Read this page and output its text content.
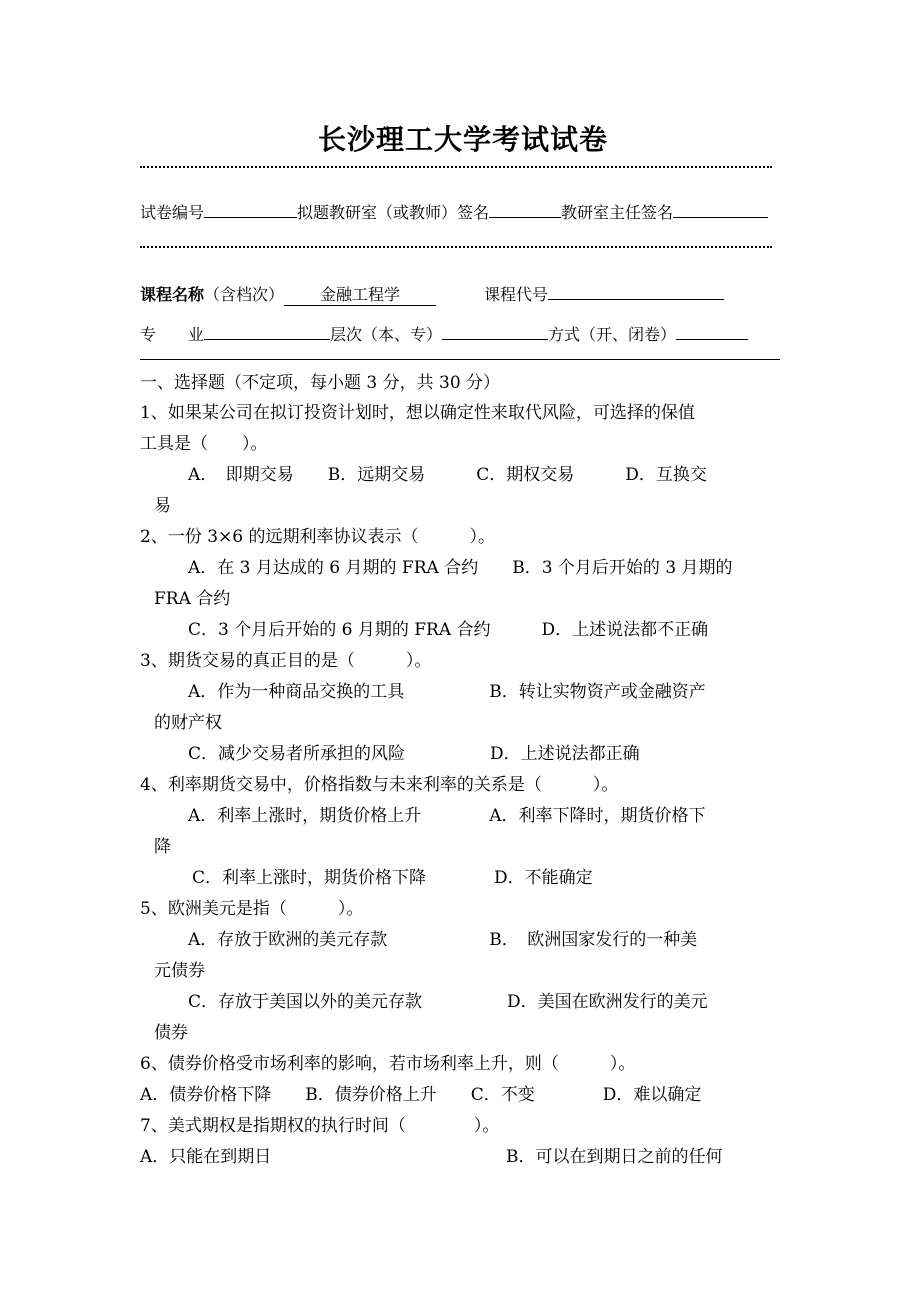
长沙理工大学考试试卷
试卷编号	拟题教研室（或教师）签名	教研室主任签名
课程名称（含档次） 金融工程学	课程代号
专　　业	层次（本、专）	方式（开、闭卷）
一、选择题（不定项，每小题 3 分，共 30 分）
1、如果某公司在拟订投资计划时，想以确定性来取代风险，可选择的保值
工具是（　　）。
A．　即期交易　　B．远期交易　　　C．期权交易　　　D．互换交
易
2、一份 3×6 的远期利率协议表示（　　　）。
A．在 3 月达成的 6 月期的 FRA 合约　　B．3 个月后开始的 3 月期的
FRA 合约
C．3 个月后开始的 6 月期的 FRA 合约　　　D．上述说法都不正确
3、期货交易的真正目的是（　　　）。
A．作为一种商品交换的工具　　　　　B．转让实物资产或金融资产
的财产权
C．减少交易者所承担的风险　　　　　D．上述说法都正确
4、利率期货交易中，价格指数与未来利率的关系是（　　　）。
A．利率上涨时，期货价格上升　　　　A．利率下降时，期货价格下
降
C．利率上涨时，期货价格下降　　　　D．不能确定
5、欧洲美元是指（　　　）。
A．存放于欧洲的美元存款　　　　　　B．　欧洲国家发行的一种美
元债券
C．存放于美国以外的美元存款　　　　　D．美国在欧洲发行的美元
债券
6、债券价格受市场利率的影响，若市场利率上升，则（　　　）。
A．债券价格下降　　B．债券价格上升　　C．不变　　　　D．难以确定
7、美式期权是指期权的执行时间（　　　　）。
A．只能在到期日	B．可以在到期日之前的任何
